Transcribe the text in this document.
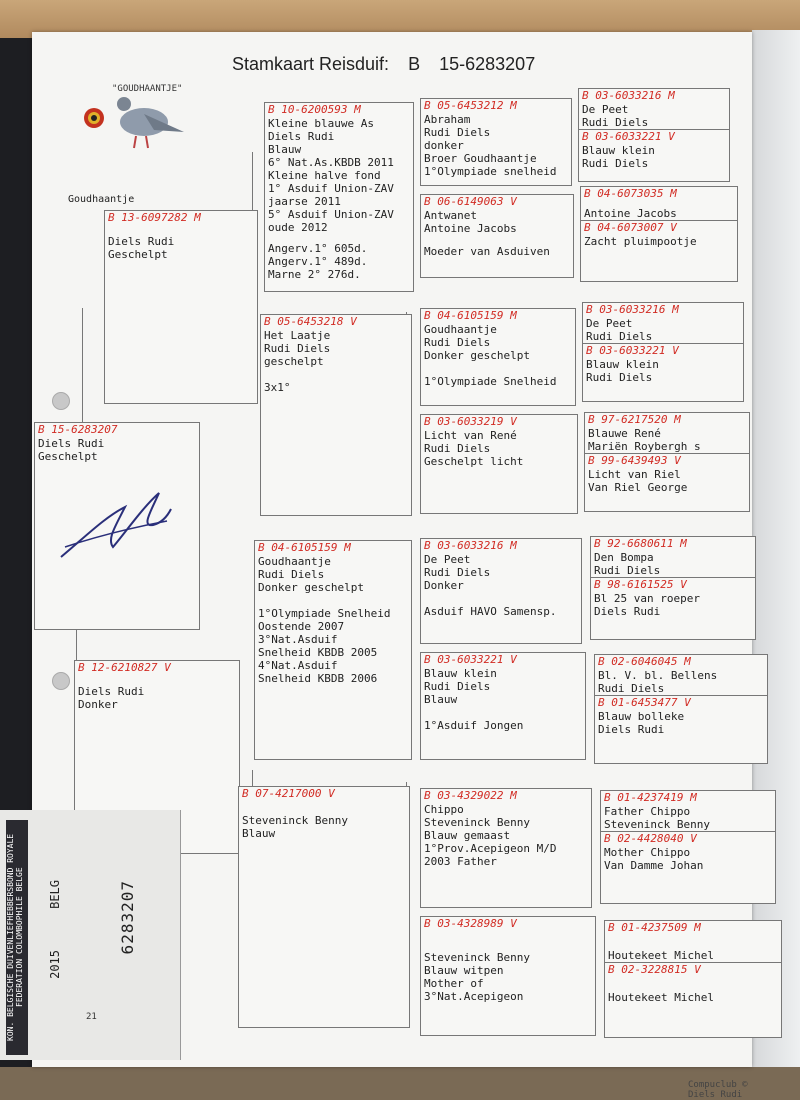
Stamkaart Reisduif: B 15-6283207
"GOUDHAANTJE"
Goudhaantje
B 15-6283207
Diels Rudi
Geschelpt
B 13-6097282 M
Diels Rudi
Geschelpt
B 12-6210827 V
Diels Rudi
Donker
B 10-6200593 M
Kleine blauwe As
Diels Rudi
Blauw
6° Nat.As.KBDB 2011
Kleine halve fond
1° Asduif Union-ZAV
jaarse 2011
5° Asduif Union-ZAV
oude 2012
Angerv.1° 605d.
Angerv.1° 489d.
Marne 2° 276d.
B 05-6453218 V
Het Laatje
Rudi Diels
geschelpt
3x1°
B 04-6105159 M
Goudhaantje
Rudi Diels
Donker geschelpt
1°Olympiade Snelheid
Oostende 2007
3°Nat.Asduif
Snelheid KBDB 2005
4°Nat.Asduif
Snelheid KBDB 2006
B 07-4217000 V
Steveninck Benny
Blauw
B 05-6453212 M
Abraham
Rudi Diels
donker
Broer Goudhaantje
1°Olympiade snelheid
B 06-6149063 V
Antwanet
Antoine Jacobs
Moeder van Asduiven
B 04-6105159 M
Goudhaantje
Rudi Diels
Donker geschelpt
1°Olympiade Snelheid
B 03-6033219 V
Licht van René
Rudi Diels
Geschelpt licht
B 03-6033216 M
De Peet
Rudi Diels
Donker
Asduif HAVO Samensp.
B 03-6033221 V
Blauw klein
Rudi Diels
Blauw
1°Asduif Jongen
B 03-4329022 M
Chippo
Steveninck Benny
Blauw gemaast
1°Prov.Acepigeon M/D
2003 Father
B 03-4328989 V
Steveninck Benny
Blauw witpen
Mother of
3°Nat.Acepigeon
B 03-6033216 M
De Peet
Rudi Diels
B 03-6033221 V
Blauw klein
Rudi Diels
B 04-6073035 M
Antoine Jacobs
B 04-6073007 V
Zacht pluimpootje
B 03-6033216 M
De Peet
Rudi Diels
B 03-6033221 V
Blauw klein
Rudi Diels
B 97-6217520 M
Blauwe René
Mariën Roybergh s
B 99-6439493 V
Licht van Riel
Van Riel George
B 92-6680611 M
Den Bompa
Rudi Diels
B 98-6161525 V
Bl 25 van roeper
Diels Rudi
B 02-6046045 M
Bl. V. bl. Bellens
Rudi Diels
B 01-6453477 V
Blauw bolleke
Diels Rudi
B 01-4237419 M
Father Chippo
Steveninck Benny
B 02-4428040 V
Mother Chippo
Van Damme Johan
B 01-4237509 M
Houtekeet Michel
B 02-3228815 V
Houtekeet Michel
Compuclub © Diels Rudi
KON. BELGISCHE DUIVENLIEFHEBBERSBOND ROYALE FEDERATION COLOMBOPHILE BELGE	2015
BELG	6283207
21
